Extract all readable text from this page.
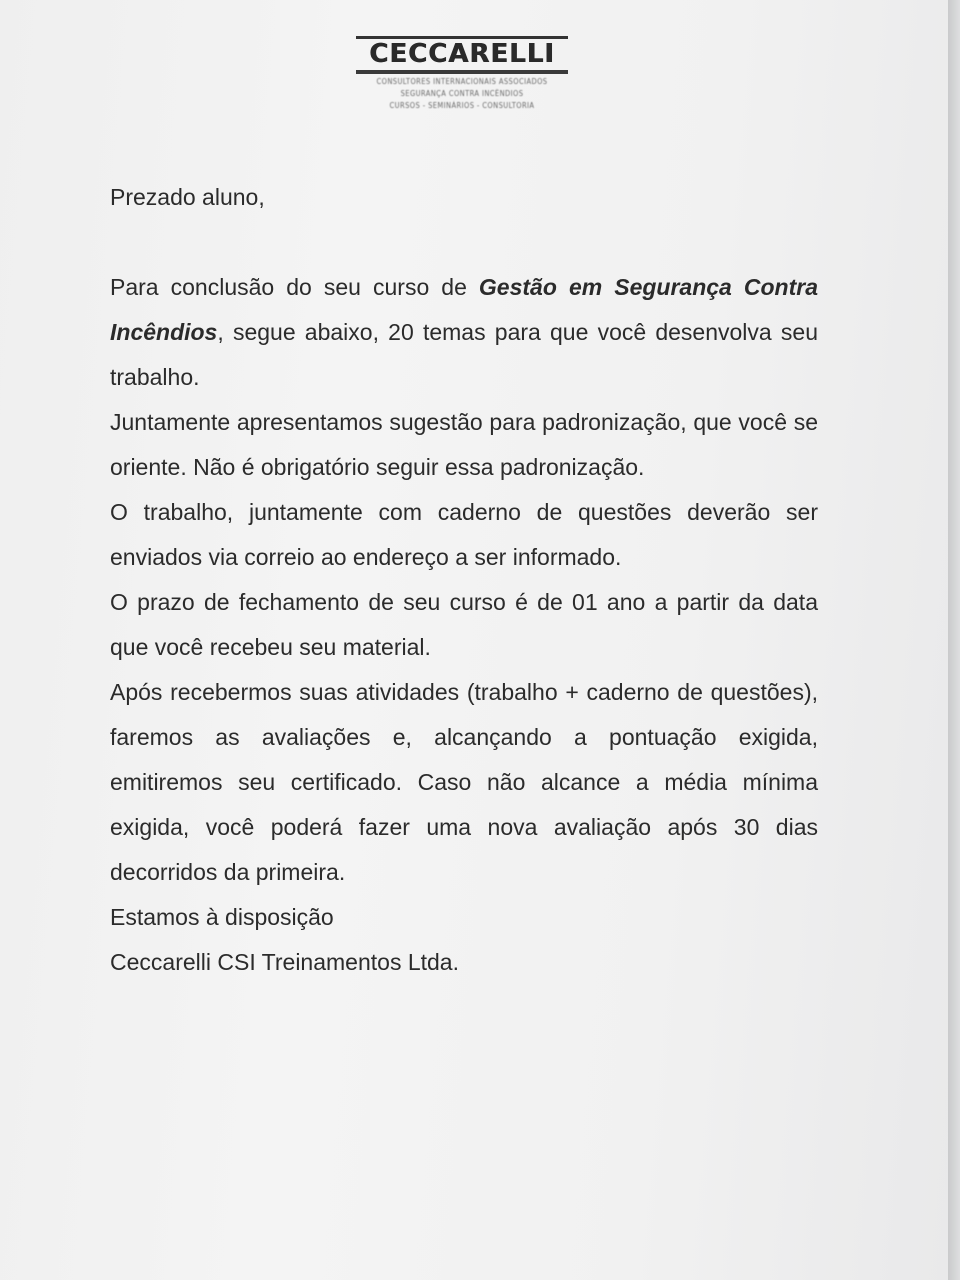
CECCARELLI
CONSULTORES INTERNACIONAIS ASSOCIADOS
SEGURANÇA CONTRA INCÊNDIOS
CURSOS - SEMINÁRIOS - CONSULTORIA

Prezado aluno,

Para conclusão do seu curso de Gestão em Segurança Contra Incêndios, segue abaixo, 20 temas para que você desenvolva seu trabalho.

Juntamente apresentamos sugestão para padronização, que você se oriente. Não é obrigatório seguir essa padronização.

O trabalho, juntamente com caderno de questões deverão ser enviados via correio ao endereço a ser informado.

O prazo de fechamento de seu curso é de 01 ano a partir da data que você recebeu seu material.

Após recebermos suas atividades (trabalho + caderno de questões), faremos as avaliações e, alcançando a pontuação exigida, emitiremos seu certificado. Caso não alcance a média mínima exigida, você poderá fazer uma nova avaliação após 30 dias decorridos da primeira.

Estamos à disposição

Ceccarelli CSI Treinamentos Ltda.
